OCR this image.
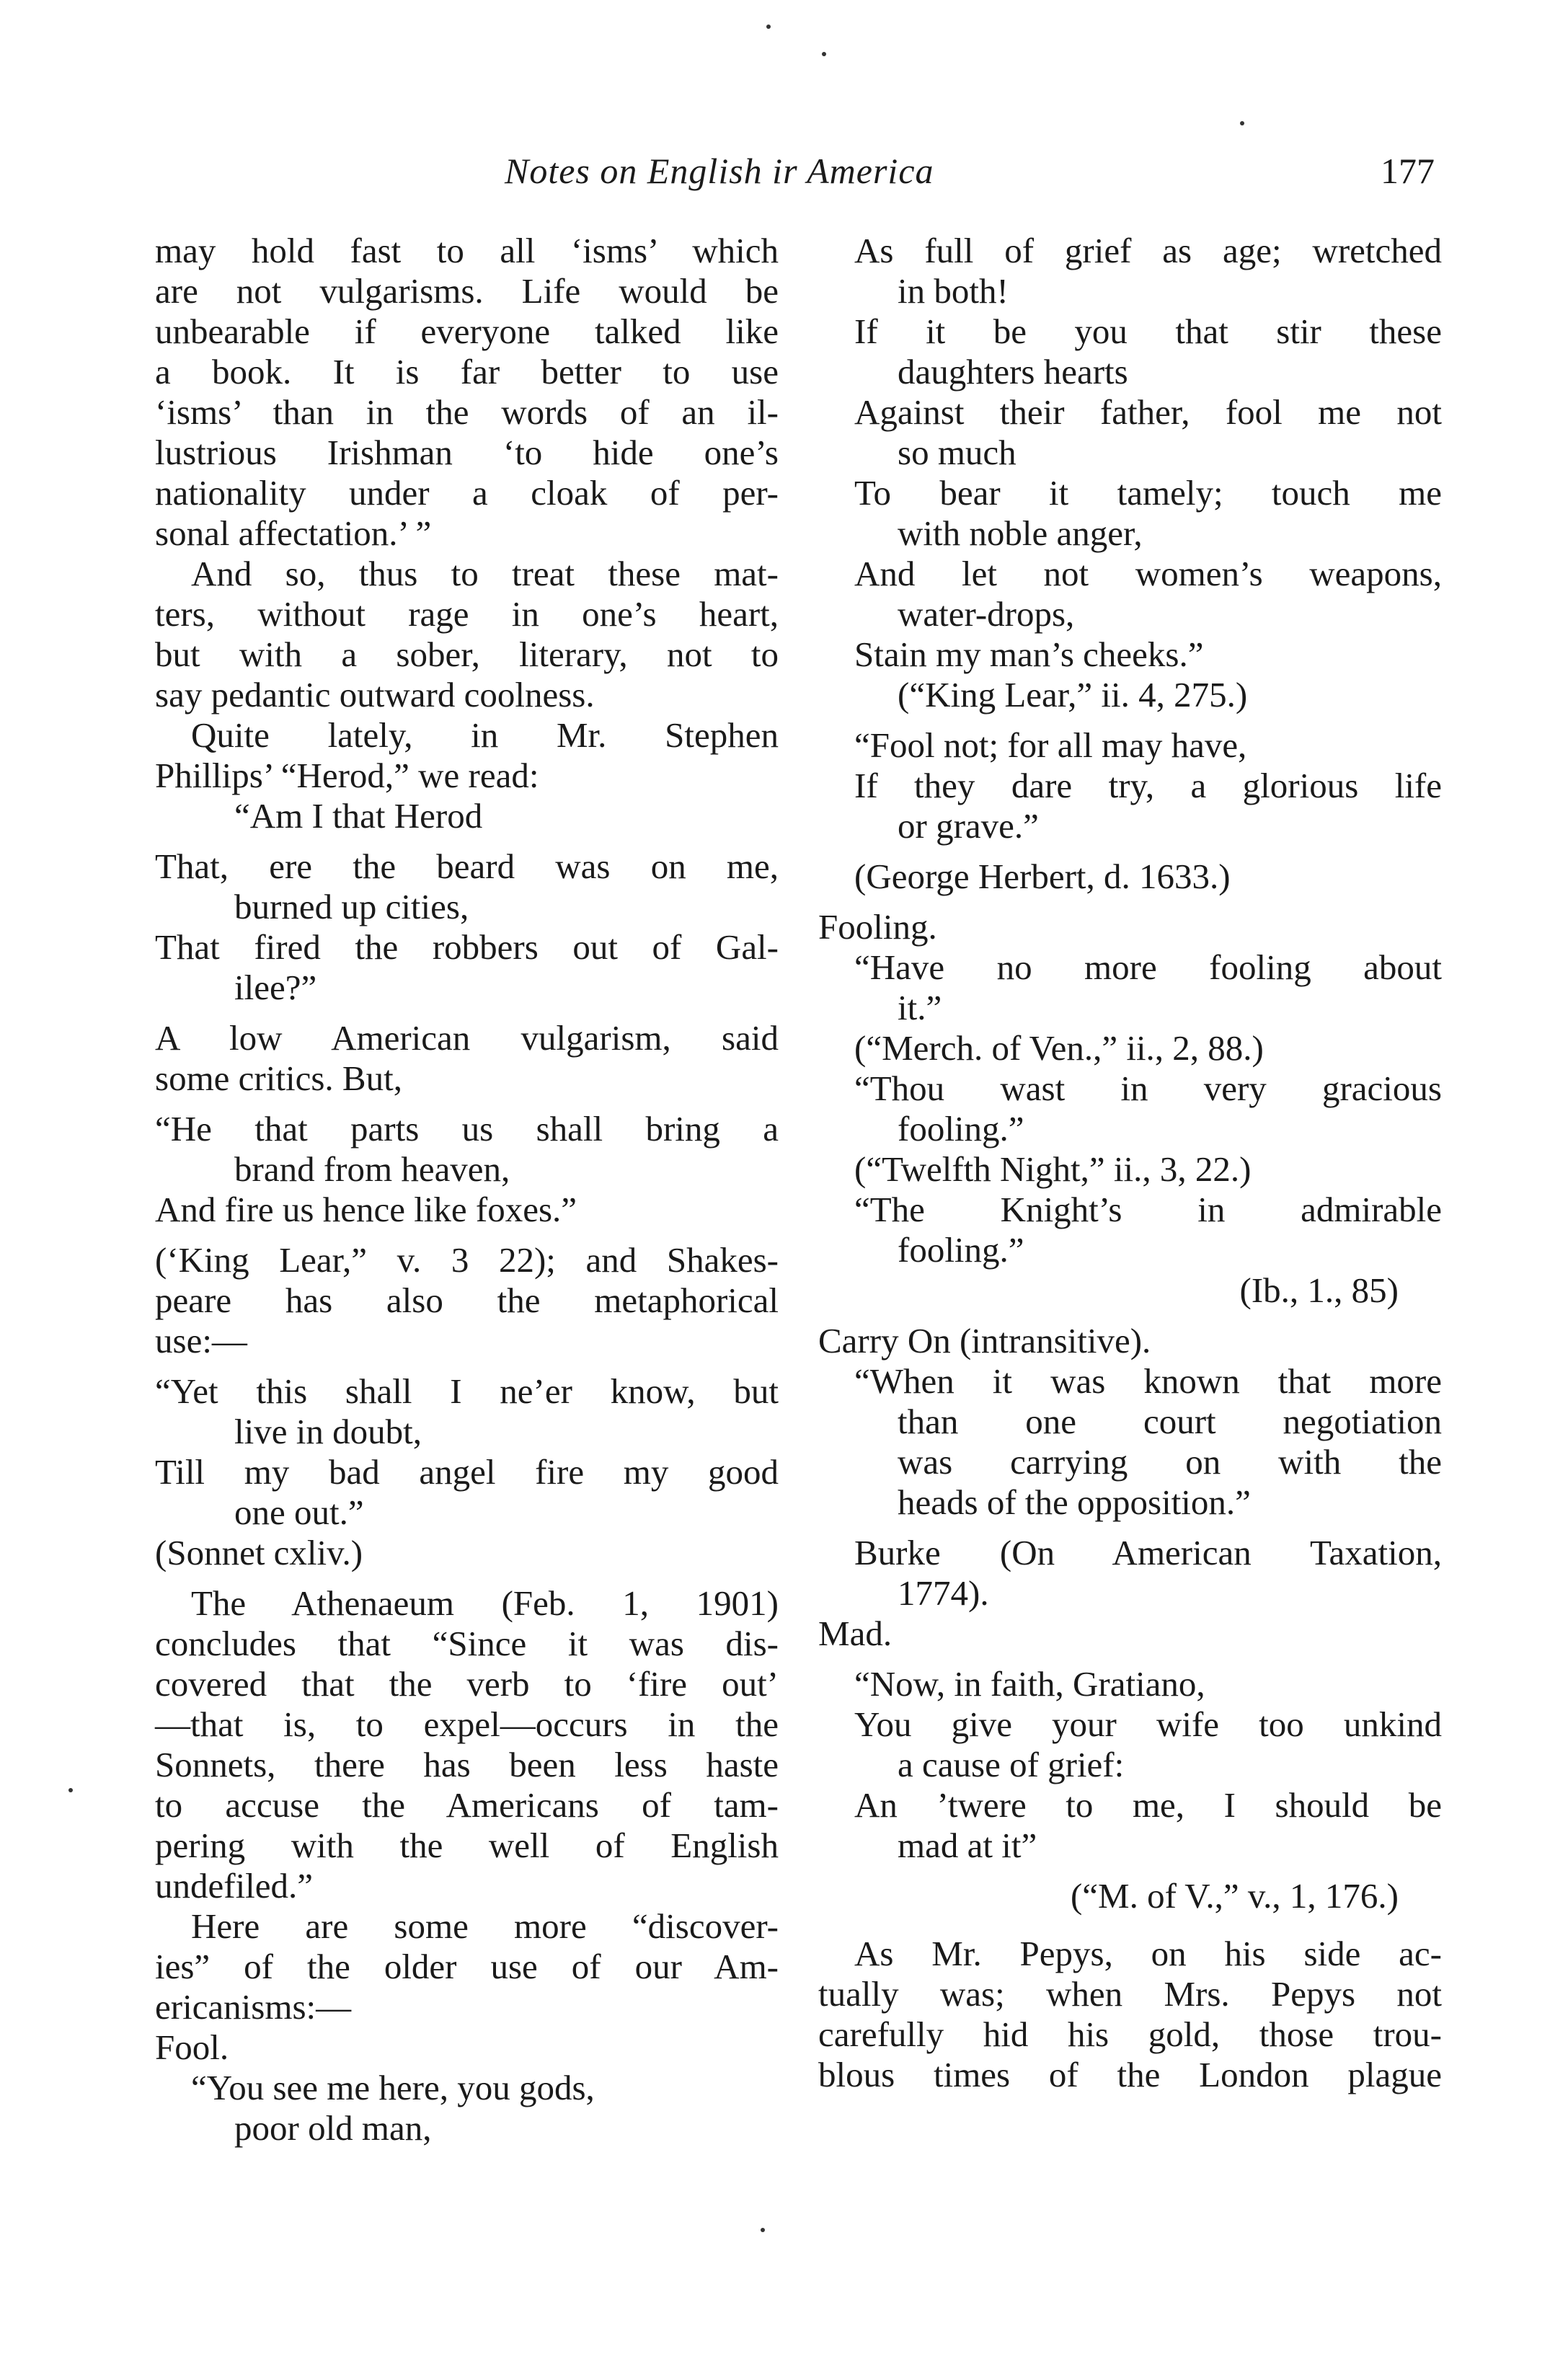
Notes on English ir America	177
may hold fast to all ‘isms’ which
are not vulgarisms. Life would be
unbearable if everyone talked like
a book. It is far better to use
‘isms’ than in the words of an il-
lustrious Irishman ‘to hide one’s
nationality under a cloak of per-
sonal affectation.’ ”
And so, thus to treat these mat-
ters, without rage in one’s heart,
but with a sober, literary, not to
say pedantic outward coolness.
Quite lately, in Mr. Stephen
Phillips’ “Herod,” we read:
“Am I that Herod
That, ere the beard was on me,
burned up cities,
That fired the robbers out of Gal-
ilee?”
A low American vulgarism, said
some critics. But,
“He that parts us shall bring a
brand from heaven,
And fire us hence like foxes.”
(‘King Lear,” v. 3 22); and Shakes-
peare has also the metaphorical
use:—
“Yet this shall I ne’er know, but
live in doubt,
Till my bad angel fire my good
one out.”
(Sonnet cxliv.)
The Athenaeum (Feb. 1, 1901)
concludes that “Since it was dis-
covered that the verb to ‘fire out’
—that is, to expel—occurs in the
Sonnets, there has been less haste
to accuse the Americans of tam-
pering with the well of English
undefiled.”
Here are some more “discover-
ies” of the older use of our Am-
ericanisms:—
Fool.
“You see me here, you gods,
poor old man,
As full of grief as age; wretched
in both!
If it be you that stir these
daughters hearts
Against their father, fool me not
so much
To bear it tamely; touch me
with noble anger,
And let not women’s weapons,
water-drops,
Stain my man’s cheeks.”
(“King Lear,” ii. 4, 275.)
“Fool not; for all may have,
If they dare try, a glorious life
or grave.”
(George Herbert, d. 1633.)
Fooling.
“Have no more fooling about
it.”
(“Merch. of Ven.,” ii., 2, 88.)
“Thou wast in very gracious
fooling.”
(“Twelfth Night,” ii., 3, 22.)
“The Knight’s in admirable
fooling.”
(Ib., 1., 85)
Carry On (intransitive).
“When it was known that more
than one court negotiation
was carrying on with the
heads of the opposition.”
Burke (On American Taxation,
1774).
Mad.
“Now, in faith, Gratiano,
You give your wife too unkind
a cause of grief:
An ’twere to me, I should be
mad at it”
(“M. of V.,” v., 1, 176.)
As Mr. Pepys, on his side ac-
tually was; when Mrs. Pepys not
carefully hid his gold, those trou-
blous times of the London plague
